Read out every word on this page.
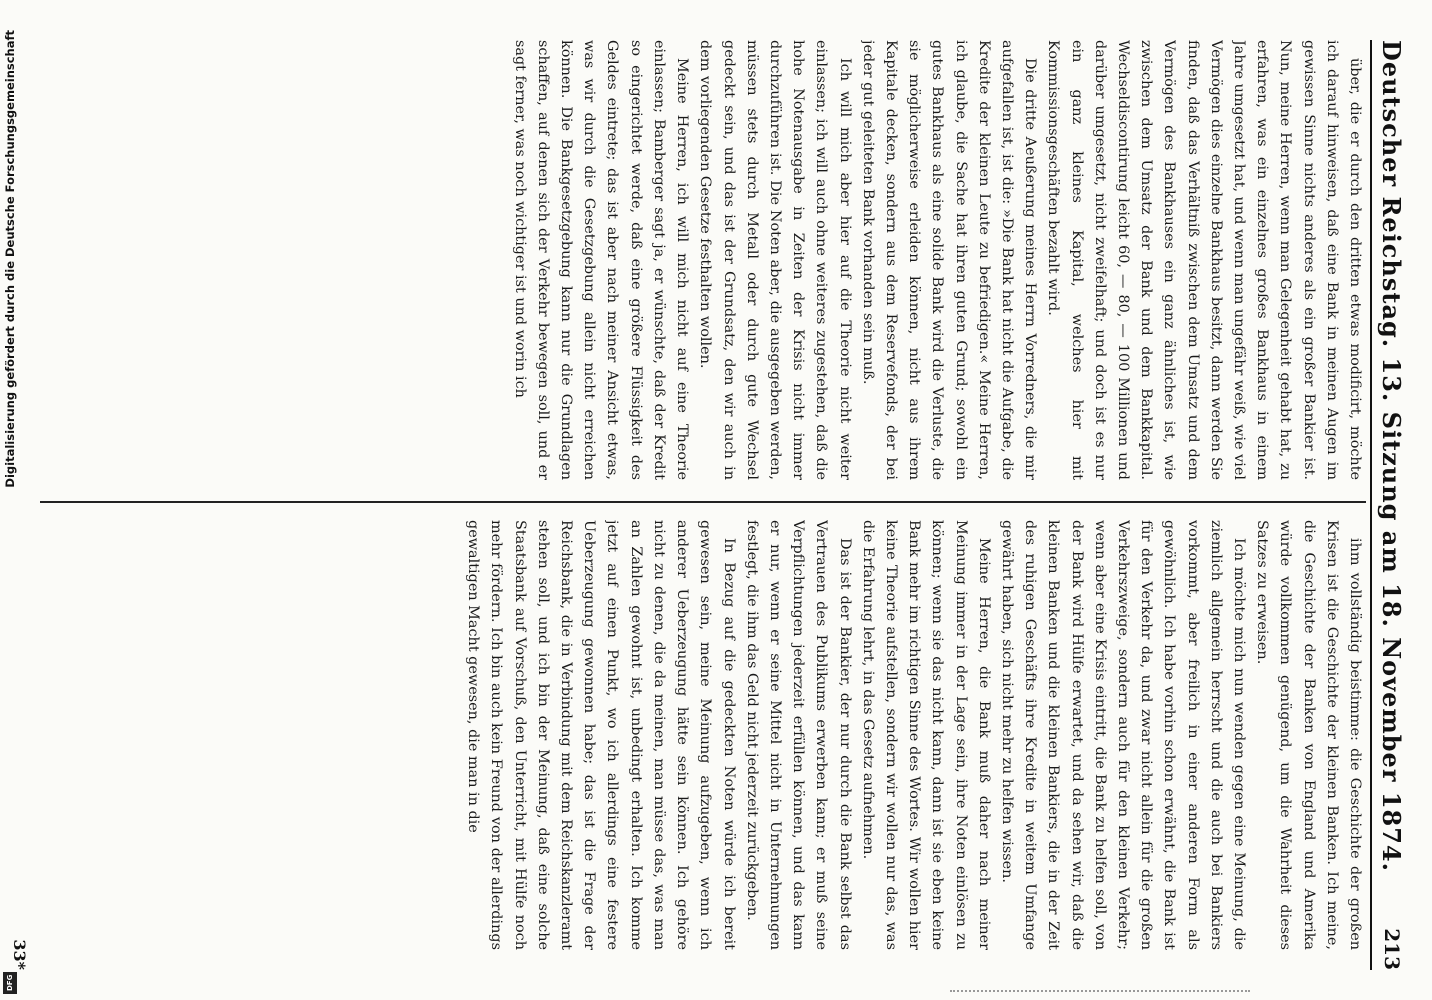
Deutscher Reichstag. 13. Sitzung am 18. November 1874.
213

über, die er durch den dritten etwas modificirt, möchte ich darauf hinweisen, daß eine Bank in meinen Augen im gewissen Sinne nichts anderes als ein großer Bankier ist. Nun, meine Herren, wenn man Gelegenheit gehabt hat, zu erfahren, was ein einzelnes großes Bankhaus in einem Jahre umgesetzt hat, und wenn man ungefähr weiß, wie viel Vermögen dies einzelne Bankhaus besitzt, dann werden Sie finden, daß das Verhältniß zwischen dem Umsatz und dem Vermögen des Bankhauses ein ganz ähnliches ist, wie zwischen dem Umsatz der Bank und dem Bankkapital. Wechseldiscontirung leicht 60, — 80, — 100 Millionen und darüber umgesetzt, nicht zweifelhaft; und doch ist es nur ein ganz kleines Kapital, welches hier mit Kommissionsgeschäften bezahlt wird.

Die dritte Aeußerung meines Herrn Vorredners, die mir aufgefallen ist, ist die: »Die Bank hat nicht die Aufgabe, die Kredite der kleinen Leute zu befriedigen.« Meine Herren, ich glaube, die Sache hat ihren guten Grund; sowohl ein gutes Bankhaus als eine solide Bank wird die Verluste, die sie möglicherweise erleiden können, nicht aus ihrem Kapitale decken, sondern aus dem Reservefonds, der bei jeder gut geleiteten Bank vorhanden sein muß.

Ich will mich aber hier auf die Theorie nicht weiter einlassen; ich will auch ohne weiteres zugestehen, daß die hohe Notenausgabe in Zeiten der Krisis nicht immer durchzuführen ist. Die Noten aber, die ausgegeben werden, müssen stets durch Metall oder durch gute Wechsel gedeckt sein, und das ist der Grundsatz, den wir auch in dem vorliegenden Gesetze festhalten wollen.

Meine Herren, ich will mich nicht auf eine Theorie einlassen; Bamberger sagt ja, er wünschte, daß der Kredit so eingerichtet werde, daß eine größere Flüssigkeit des Geldes eintrete; das ist aber nach meiner Ansicht etwas, was wir durch die Gesetzgebung allein nicht erreichen können. Die Bankgesetzgebung kann nur die Grundlagen schaffen, auf denen sich der Verkehr bewegen soll, und er sagt ferner, was noch wichtiger ist und worin ich

ihm vollständig beistimme: die Geschichte der großen Krisen ist die Geschichte der kleinen Banken. Ich meine, die Geschichte der Banken von England und Amerika würde vollkommen genügend, um die Wahrheit dieses Satzes zu erweisen.

Ich möchte mich nun wenden gegen eine Meinung, die ziemlich allgemein herrscht und die auch bei Bankiers vorkommt, aber freilich in einer anderen Form als gewöhnlich. Ich habe vorhin schon erwähnt, die Bank ist für den Verkehr da, und zwar nicht allein für die großen Verkehrszweige, sondern auch für den kleinen Verkehr; wenn aber eine Krisis eintritt, die Bank zu helfen soll, von der Bank wird Hülfe erwartet, und da sehen wir, daß die kleinen Banken und die kleinen Bankiers, die in der Zeit des ruhigen Geschäfts ihre Kredite in weitem Umfange gewährt haben, sich nicht mehr zu helfen wissen.

Meine Herren, die Bank muß daher nach meiner Meinung immer in der Lage sein, ihre Noten einlösen zu können; wenn sie das nicht kann, dann ist sie eben keine Bank mehr im richtigen Sinne des Wortes. Wir wollen hier keine Theorie aufstellen, sondern wir wollen nur das, was die Erfahrung lehrt, in das Gesetz aufnehmen.

Das ist der Bankier, der nur durch die Bank selbst das Vertrauen des Publikums erwerben kann; er muß seine Verpflichtungen jederzeit erfüllen können, und das kann er nur, wenn er seine Mittel nicht in Unternehmungen festlegt, die ihm das Geld nicht jederzeit zurückgeben.

In Bezug auf die gedeckten Noten würde ich bereit gewesen sein, meine Meinung aufzugeben, wenn ich anderer Ueberzeugung hätte sein können. Ich gehöre nicht zu denen, die da meinen, man müsse das, was man an Zahlen gewohnt ist, unbedingt erhalten. Ich komme jetzt auf einen Punkt, wo ich allerdings eine festere Ueberzeugung gewonnen habe; das ist die Frage der Reichsbank, die in Verbindung mit dem Reichskanzleramt stehen soll, und ich bin der Meinung, daß eine solche Staatsbank auf Vorschuß, den Unterricht, mit Hülfe noch mehr fördern. Ich bin auch kein Freund von der allerdings gewaltigen Macht gewesen, die man in die

33*
Digitalisierung gefördert durch die Deutsche Forschungsgemeinschaft
DFG
